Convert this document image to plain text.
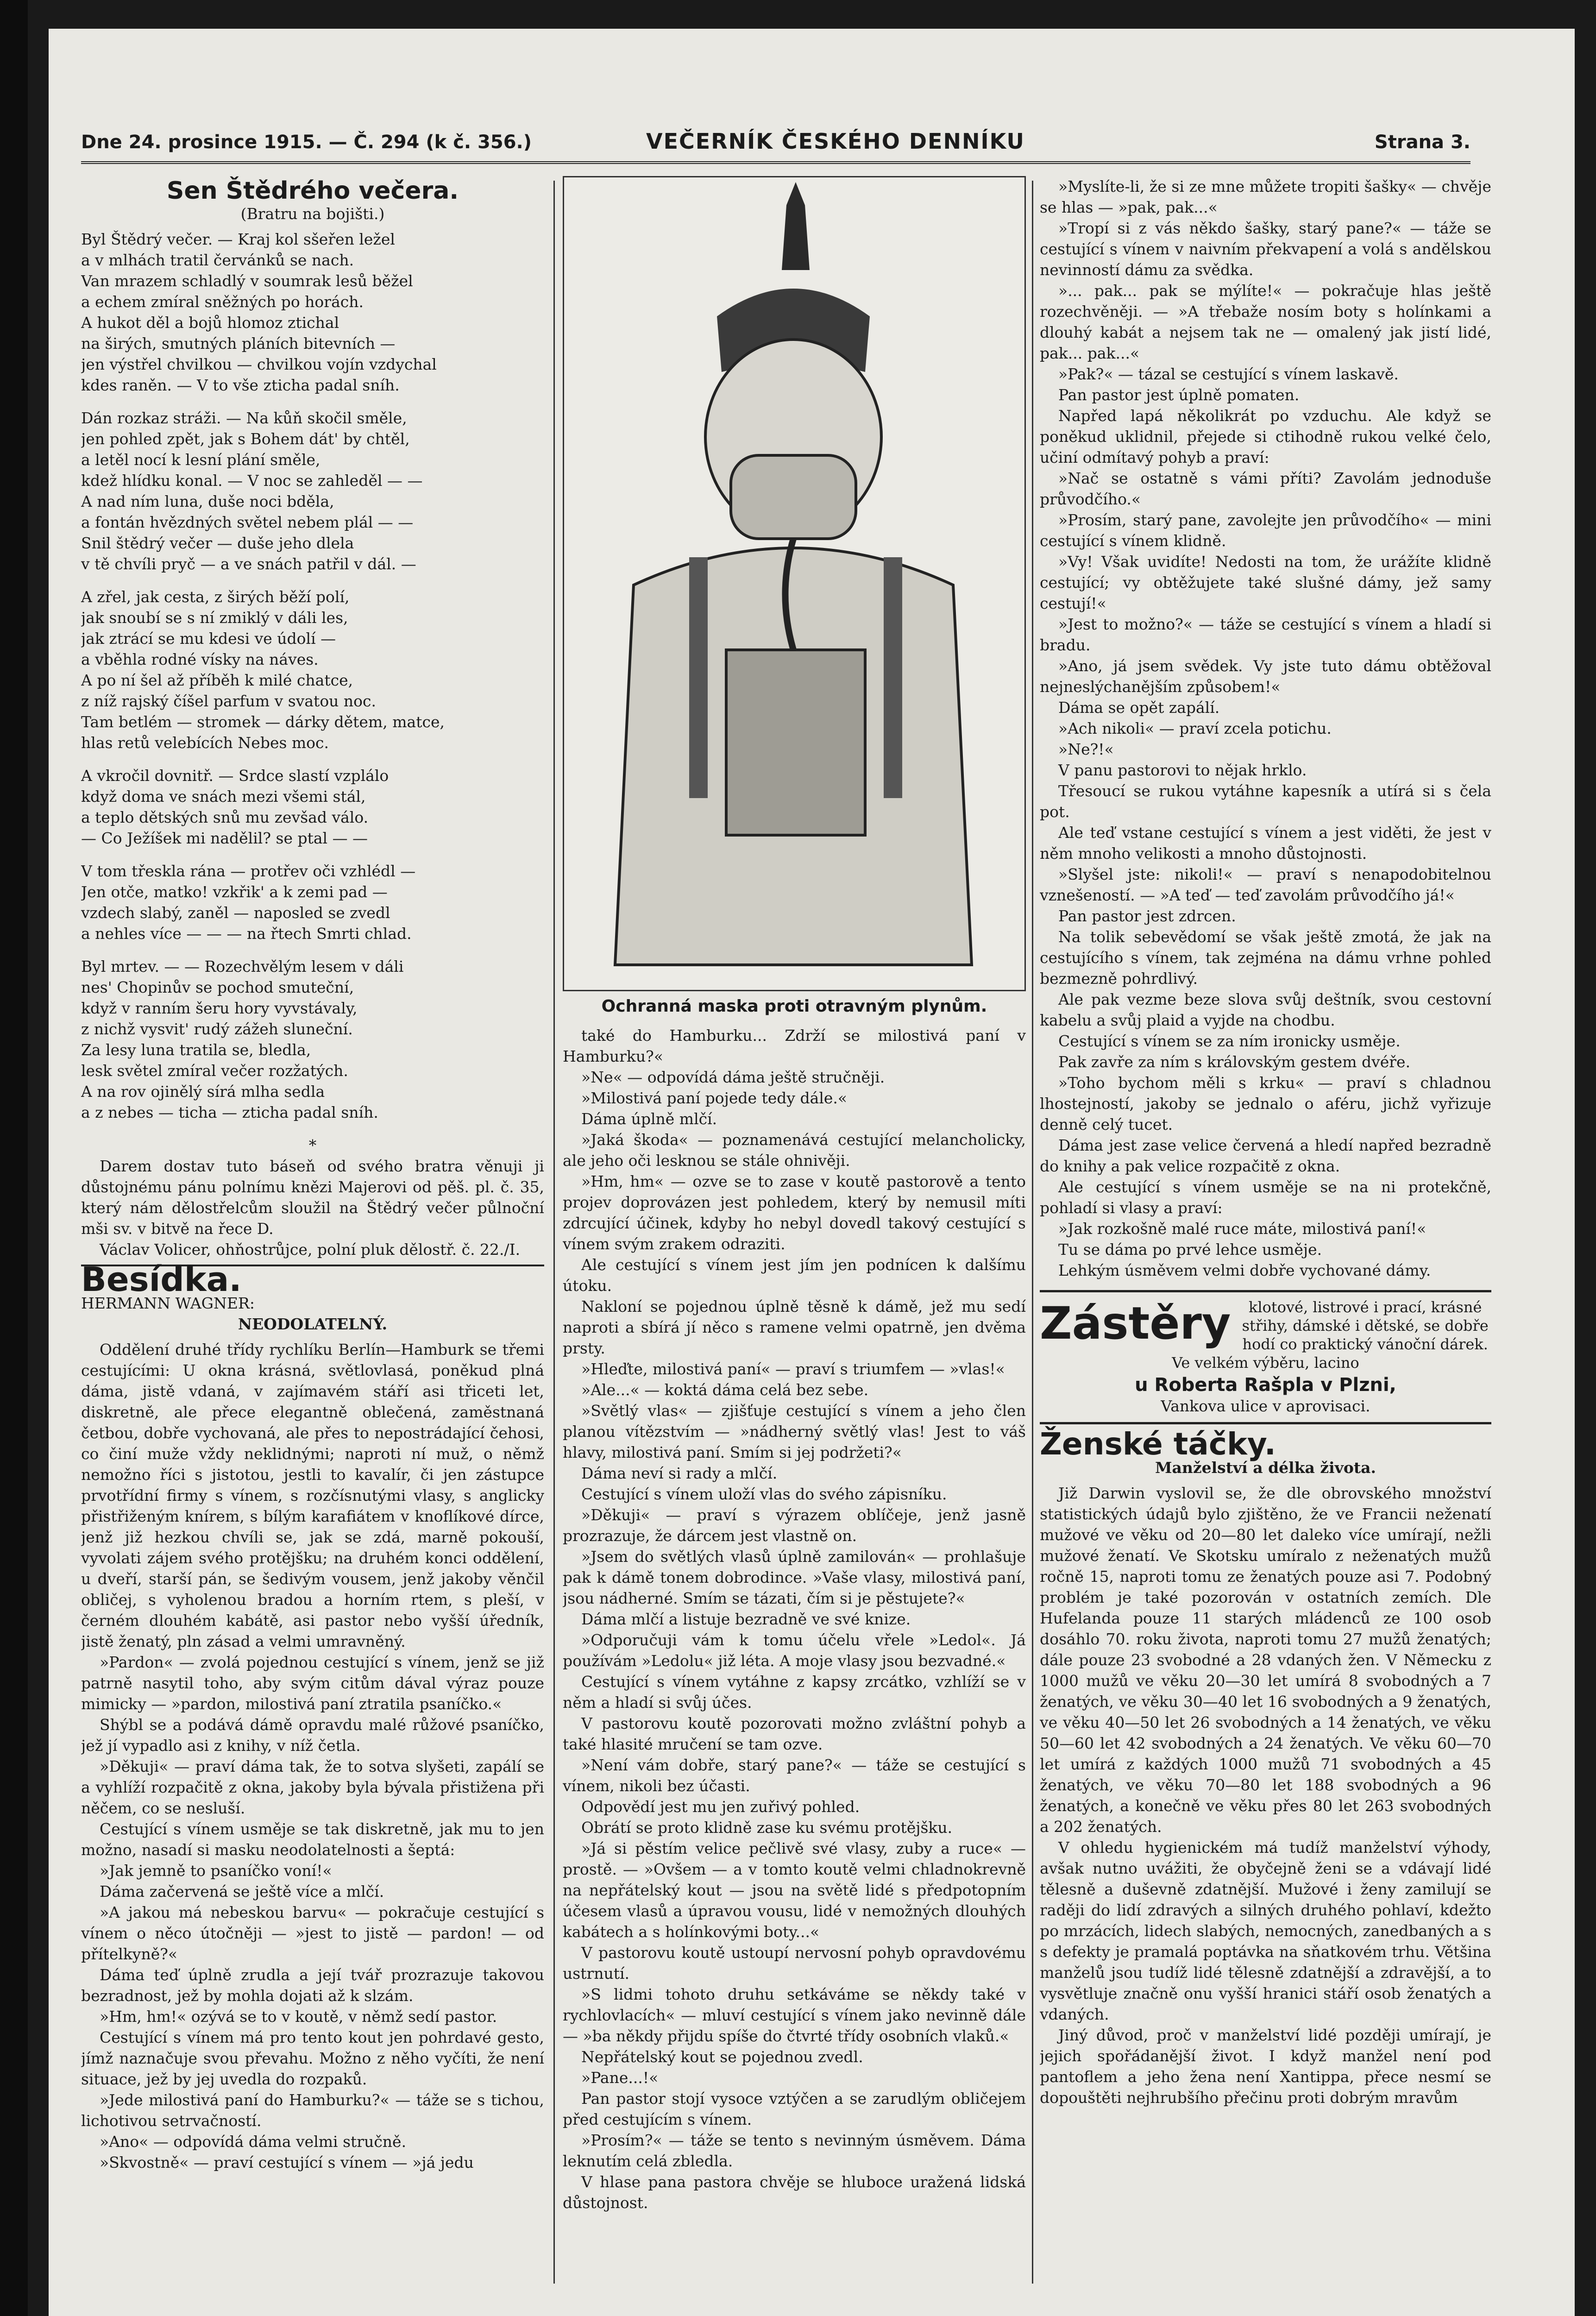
Dne 24. prosince 1915. — Č. 294 (k č. 356.)	VEČERNÍK ČESKÉHO DENNÍKU	Strana 3.
Sen Štědrého večera.
(Bratru na bojišti.)

Byl Štědrý večer. — Kraj kol sšeřen ležel
a v mlhách tratil červánků se nach.
Van mrazem schladlý v soumrak lesů běžel
a echem zmíral sněžných po horách.
A hukot děl a bojů hlomoz ztichal
na širých, smutných pláních bitevních —
jen výstřel chvilkou — chvilkou vojín vzdychal
kdes raněn. — V to vše zticha padal sníh.

Dán rozkaz stráži. — Na kůň skočil směle,
jen pohled zpět, jak s Bohem dát' by chtěl,
a letěl nocí k lesní plání směle,
kdež hlídku konal. — V noc se zahleděl — —
A nad ním luna, duše noci bděla,
a fontán hvězdných světel nebem plál — —
Snil štědrý večer — duše jeho dlela
v tě chvíli pryč — a ve snách patřil v dál. —

A zřel, jak cesta, z širých běží polí,
jak snoubí se s ní zmiklý v dáli les,
jak ztrácí se mu kdesi ve údolí —
a vběhla rodné vísky na náves.
A po ní šel až příběh k milé chatce,
z níž rajský číšel parfum v svatou noc.
Tam betlém — stromek — dárky dětem, matce,
hlas retů velebících Nebes moc.

A vkročil dovnitř. — Srdce slastí vzplálo
když doma ve snách mezi všemi stál,
a teplo dětských snů mu zevšad válo.
— Co Ježíšek mi nadělil? se ptal — —

V tom třeskla rána — protřev oči vzhlédl —
Jen otče, matko! vzkřik' a k zemi pad —
vzdech slabý, zaněl — naposled se zvedl
a nehles více — — — na řtech Smrti chlad.

Byl mrtev. — — Rozechvělým lesem v dáli
nes' Chopinův se pochod smuteční,
když v ranním šeru hory vyvstávaly,
z nichž vysvit' rudý zážeh sluneční.
Za lesy luna tratila se, bledla,
lesk světel zmíral večer rozžatých.
A na rov ojinělý sírá mlha sedla
a z nebes — ticha — zticha padal sníh.

*

Darem dostav tuto báseň od svého bratra věnuji ji důstojnému pánu polnímu knězi Majerovi od pěš. pl. č. 35, který nám dělostřelcům sloužil na Štědrý večer půlnoční mši sv. v bitvě na řece D.

Václav Volicer, ohňostrůjce, polní pluk dělostř. č. 22./I.

Besídka.

HERMANN WAGNER:

NEODOLATELNÝ.

Oddělení druhé třídy rychlíku Berlín—Hamburk se třemi cestujícími: U okna krásná, světlovlasá, poněkud plná dáma, jistě vdaná, v zajímavém stáří asi třiceti let, diskretně, ale přece elegantně oblečená, zaměstnaná četbou, dobře vychovaná, ale přes to nepostrádající čehosi, co činí muže vždy neklidnými; naproti ní muž, o němž nemožno říci s jistotou, jestli to kavalír, či jen zástupce prvotřídní firmy s vínem, s rozčísnutými vlasy, s anglicky přistřiženým knírem, s bílým karafiátem v knoflíkové dírce, jenž již hezkou chvíli se, jak se zdá, marně pokouší, vyvolati zájem svého protějšku; na druhém konci oddělení, u dveří, starší pán, se šedivým vousem, jenž jakoby věnčil obličej, s vyholenou bradou a horním rtem, s pleší, v černém dlouhém kabátě, asi pastor nebo vyšší úředník, jistě ženatý, pln zásad a velmi umravněný.

»Pardon« — zvolá pojednou cestující s vínem, jenž se již patrně nasytil toho, aby svým citům dával výraz pouze mimicky — »pardon, milostivá paní ztratila psaníčko.«

Shýbl se a podává dámě opravdu malé růžové psaníčko, jež jí vypadlo asi z knihy, v níž četla.

»Děkuji« — praví dáma tak, že to sotva slyšeti, zapálí se a vyhlíží rozpačitě z okna, jakoby byla bývala přistižena při něčem, co se nesluší.

Cestující s vínem usměje se tak diskretně, jak mu to jen možno, nasadí si masku neodolatelnosti a šeptá:

»Jak jemně to psaníčko voní!«

Dáma začervená se ještě více a mlčí.

»A jakou má nebeskou barvu« — pokračuje cestující s vínem o něco útočněji — »jest to jistě — pardon! — od přítelkyně?«

Dáma teď úplně zrudla a její tvář prozrazuje takovou bezradnost, jež by mohla dojati až k slzám.

»Hm, hm!« ozývá se to v koutě, v němž sedí pastor.

Cestující s vínem má pro tento kout jen pohrdavé gesto, jímž naznačuje svou převahu. Možno z něho vyčíti, že není situace, jež by jej uvedla do rozpaků.

»Jede milostivá paní do Hamburku?« — táže se s tichou, lichotivou setrvačností.

»Ano« — odpovídá dáma velmi stručně.

»Skvostně« — praví cestující s vínem — »já jedu

Ochranná maska proti otravným plynům.

také do Hamburku... Zdrží se milostivá paní v Hamburku?«

»Ne« — odpovídá dáma ještě stručněji.

»Milostivá paní pojede tedy dále.«

Dáma úplně mlčí.

»Jaká škoda« — poznamenává cestující melancholicky, ale jeho oči lesknou se stále ohnivěji.

»Hm, hm« — ozve se to zase v koutě pastorově a tento projev doprovázen jest pohledem, který by nemusil míti zdrcující účinek, kdyby ho nebyl dovedl takový cestující s vínem svým zrakem odraziti.

Ale cestující s vínem jest jím jen podnícen k dalšímu útoku.

Nakloní se pojednou úplně těsně k dámě, jež mu sedí naproti a sbírá jí něco s ramene velmi opatrně, jen dvěma prsty.

»Hleďte, milostivá paní« — praví s triumfem — »vlas!«

»Ale...« — koktá dáma celá bez sebe.

»Světlý vlas« — zjišťuje cestující s vínem a jeho člen planou vítězstvím — »nádherný světlý vlas! Jest to váš hlavy, milostivá paní. Smím si jej podržeti?«

Dáma neví si rady a mlčí.

Cestující s vínem uloží vlas do svého zápisníku.

»Děkuji« — praví s výrazem oblíčeje, jenž jasně prozrazuje, že dárcem jest vlastně on.

»Jsem do světlých vlasů úplně zamilován« — prohlašuje pak k dámě tonem dobrodince. »Vaše vlasy, milostivá paní, jsou nádherné. Smím se tázati, čím si je pěstujete?«

Dáma mlčí a listuje bezradně ve své knize.

»Odporučuji vám k tomu účelu vřele »Ledol«. Já používám »Ledolu« již léta. A moje vlasy jsou bezvadné.«

Cestující s vínem vytáhne z kapsy zrcátko, vzhlíží se v něm a hladí si svůj účes.

V pastorovu koutě pozorovati možno zvláštní pohyb a také hlasité mručení se tam ozve.

»Není vám dobře, starý pane?« — táže se cestující s vínem, nikoli bez účasti.

Odpovědí jest mu jen zuřivý pohled.

Obrátí se proto klidně zase ku svému protějšku.

»Já si pěstím velice pečlivě své vlasy, zuby a ruce« — prostě. — »Ovšem — a v tomto koutě velmi chladnokrevně na nepřátelský kout — jsou na světě lidé s předpotopním účesem vlasů a úpravou vousu, lidé v nemožných dlouhých kabátech a s holínkovými boty...«

V pastorovu koutě ustoupí nervosní pohyb opravdovému ustrnutí.

»S lidmi tohoto druhu setkáváme se někdy také v rychlovlacích« — mluví cestující s vínem jako nevinně dále — »ba někdy přijdu spíše do čtvrté třídy osobních vlaků.«

Nepřátelský kout se pojednou zvedl.

»Pane...!«

Pan pastor stojí vysoce vztýčen a se zarudlým obličejem před cestujícím s vínem.

»Prosím?« — táže se tento s nevinným úsměvem. Dáma leknutím celá zbledla.

V hlase pana pastora chvěje se hluboce uražená lidská důstojnost.

»Myslíte-li, že si ze mne můžete tropiti šašky« — chvěje se hlas — »pak, pak...«

»Tropí si z vás někdo šašky, starý pane?« — táže se cestující s vínem v naivním překvapení a volá s andělskou nevinností dámu za svědka.

»... pak... pak se mýlíte!« — pokračuje hlas ještě rozechvěněji. — »A třebaže nosím boty s holínkami a dlouhý kabát a nejsem tak ne — omalený jak jistí lidé, pak... pak...«

»Pak?« — tázal se cestující s vínem laskavě.

Pan pastor jest úplně pomaten.

Napřed lapá několikrát po vzduchu. Ale když se poněkud uklidnil, přejede si ctihodně rukou velké čelo, učiní odmítavý pohyb a praví:

»Nač se ostatně s vámi příti? Zavolám jednoduše průvodčího.«

»Prosím, starý pane, zavolejte jen průvodčího« — mini cestující s vínem klidně.

»Vy! Však uvidíte! Nedosti na tom, že urážíte klidně cestující; vy obtěžujete také slušné dámy, jež samy cestují!«

»Jest to možno?« — táže se cestující s vínem a hladí si bradu.

»Ano, já jsem svědek. Vy jste tuto dámu obtěžoval nejneslýchanějším způsobem!«

Dáma se opět zapálí.

»Ach nikoli« — praví zcela potichu.

»Ne?!«

V panu pastorovi to nějak hrklo.

Třesoucí se rukou vytáhne kapesník a utírá si s čela pot.

Ale teď vstane cestující s vínem a jest viděti, že jest v něm mnoho velikosti a mnoho důstojnosti.

»Slyšel jste: nikoli!« — praví s nenapodobitelnou vznešeností. — »A teď — teď zavolám průvodčího já!«

Pan pastor jest zdrcen.

Na tolik sebevědomí se však ještě zmotá, že jak na cestujícího s vínem, tak zejména na dámu vrhne pohled bezmezně pohrdlivý.

Ale pak vezme beze slova svůj deštník, svou cestovní kabelu a svůj plaid a vyjde na chodbu.

Cestující s vínem se za ním ironicky usměje.

Pak zavře za ním s královským gestem dvéře.

»Toho bychom měli s krku« — praví s chladnou lhostejností, jakoby se jednalo o aféru, jichž vyřizuje denně celý tucet.

Dáma jest zase velice červená a hledí napřed bezradně do knihy a pak velice rozpačitě z okna.

Ale cestující s vínem usměje se na ni protekčně, pohladí si vlasy a praví:

»Jak rozkošně malé ruce máte, milostivá paní!«

Tu se dáma po prvé lehce usměje.

Lehkým úsměvem velmi dobře vychované dámy.

Zástěry	klotové, listrové i prací, krásné střihy, dámské i dětské, se dobře hodí co praktický vánoční dárek. Ve velkém výběru, lacino
u Roberta Rašpla v Plzni,
Vankova ulice v aprovisaci.
Ženské táčky.

Manželství a délka života.

Již Darwin vyslovil se, že dle obrovského množství statistických údajů bylo zjištěno, že ve Francii neženatí mužové ve věku od 20—80 let daleko více umírají, nežli mužové ženatí. Ve Skotsku umíralo z neženatých mužů ročně 15, naproti tomu ze ženatých pouze asi 7. Podobný problém je také pozorován v ostatních zemích. Dle Hufelanda pouze 11 starých mládenců ze 100 osob dosáhlo 70. roku života, naproti tomu 27 mužů ženatých; dále pouze 23 svobodné a 28 vdaných žen. V Německu z 1000 mužů ve věku 20—30 let umírá 8 svobodných a 7 ženatých, ve věku 30—40 let 16 svobodných a 9 ženatých, ve věku 40—50 let 26 svobodných a 14 ženatých, ve věku 50—60 let 42 svobodných a 24 ženatých. Ve věku 60—70 let umírá z každých 1000 mužů 71 svobodných a 45 ženatých, ve věku 70—80 let 188 svobodných a 96 ženatých, a konečně ve věku přes 80 let 263 svobodných a 202 ženatých.

V ohledu hygienickém má tudíž manželství výhody, avšak nutno uvážiti, že obyčejně ženi se a vdávají lidé tělesně a duševně zdatnější. Mužové i ženy zamilují se raději do lidí zdravých a silných druhého pohlaví, kdežto po mrzácích, lidech slabých, nemocných, zanedbaných a s s defekty je pramalá poptávka na sňatkovém trhu. Většina manželů jsou tudíž lidé tělesně zdatnější a zdravější, a to vysvětluje značně onu vyšší hranici stáří osob ženatých a vdaných.

Jiný důvod, proč v manželství lidé později umírají, je jejich spořádanější život. I když manžel není pod pantoflem a jeho žena není Xantippa, přece nesmí se dopouštěti nejhrubšího přečinu proti dobrým mravům
